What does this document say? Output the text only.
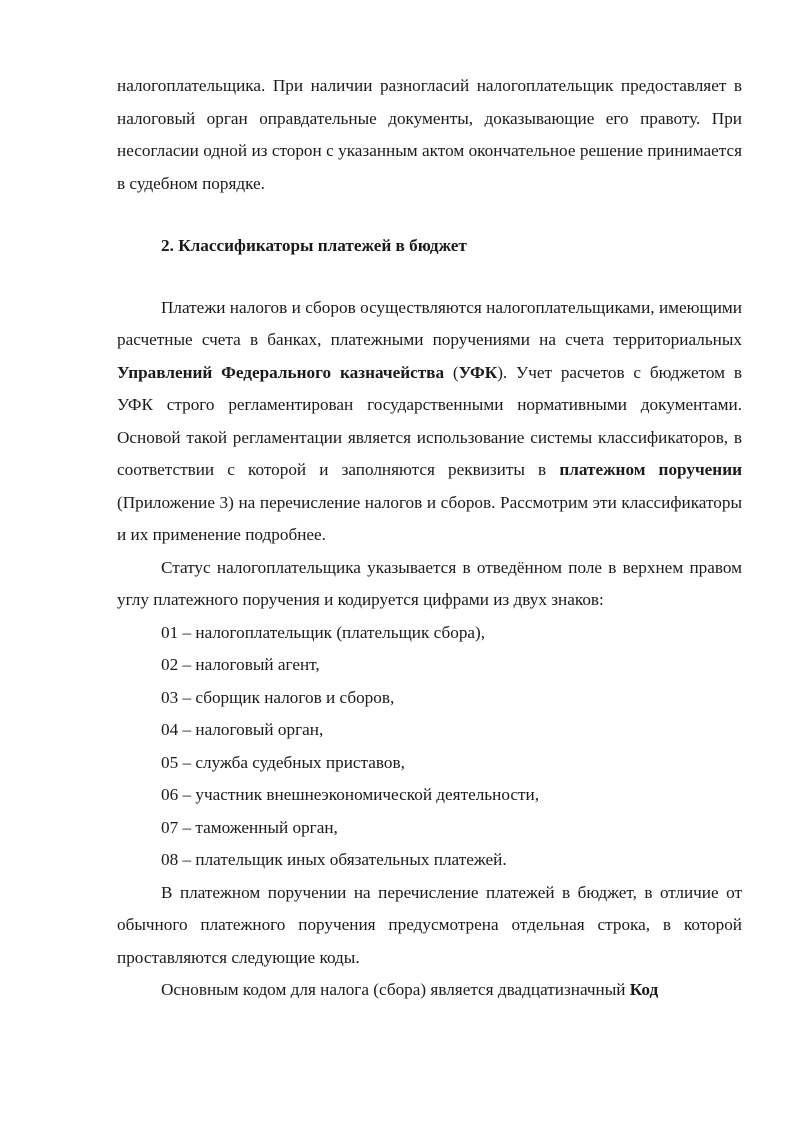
налогоплательщика. При наличии разногласий налогоплательщик предоставляет в налоговый орган оправдательные документы, доказывающие его правоту. При несогласии одной из сторон с указанным актом окончательное решение принимается в судебном порядке.

2. Классификаторы платежей в бюджет

Платежи налогов и сборов осуществляются налогоплательщиками, имеющими расчетные счета в банках, платежными поручениями на счета территориальных Управлений Федерального казначейства (УФК). Учет расчетов с бюджетом в УФК строго регламентирован государственными нормативными документами. Основой такой регламентации является использование системы классификаторов, в соответствии с которой и заполняются реквизиты в платежном поручении (Приложение 3) на перечисление налогов и сборов. Рассмотрим эти классификаторы и их применение подробнее.

Статус налогоплательщика указывается в отведённом поле в верхнем правом углу платежного поручения и кодируется цифрами из двух знаков:

01 – налогоплательщик (плательщик сбора),

02 – налоговый агент,

03 – сборщик налогов и сборов,

04 – налоговый орган,

05 – служба судебных приставов,

06 – участник внешнеэкономической деятельности,

07 – таможенный орган,

08 – плательщик иных обязательных платежей.

В платежном поручении на перечисление платежей в бюджет, в отличие от обычного платежного поручения предусмотрена отдельная строка, в которой проставляются следующие коды.

Основным кодом для налога (сбора) является двадцатизначный Код
